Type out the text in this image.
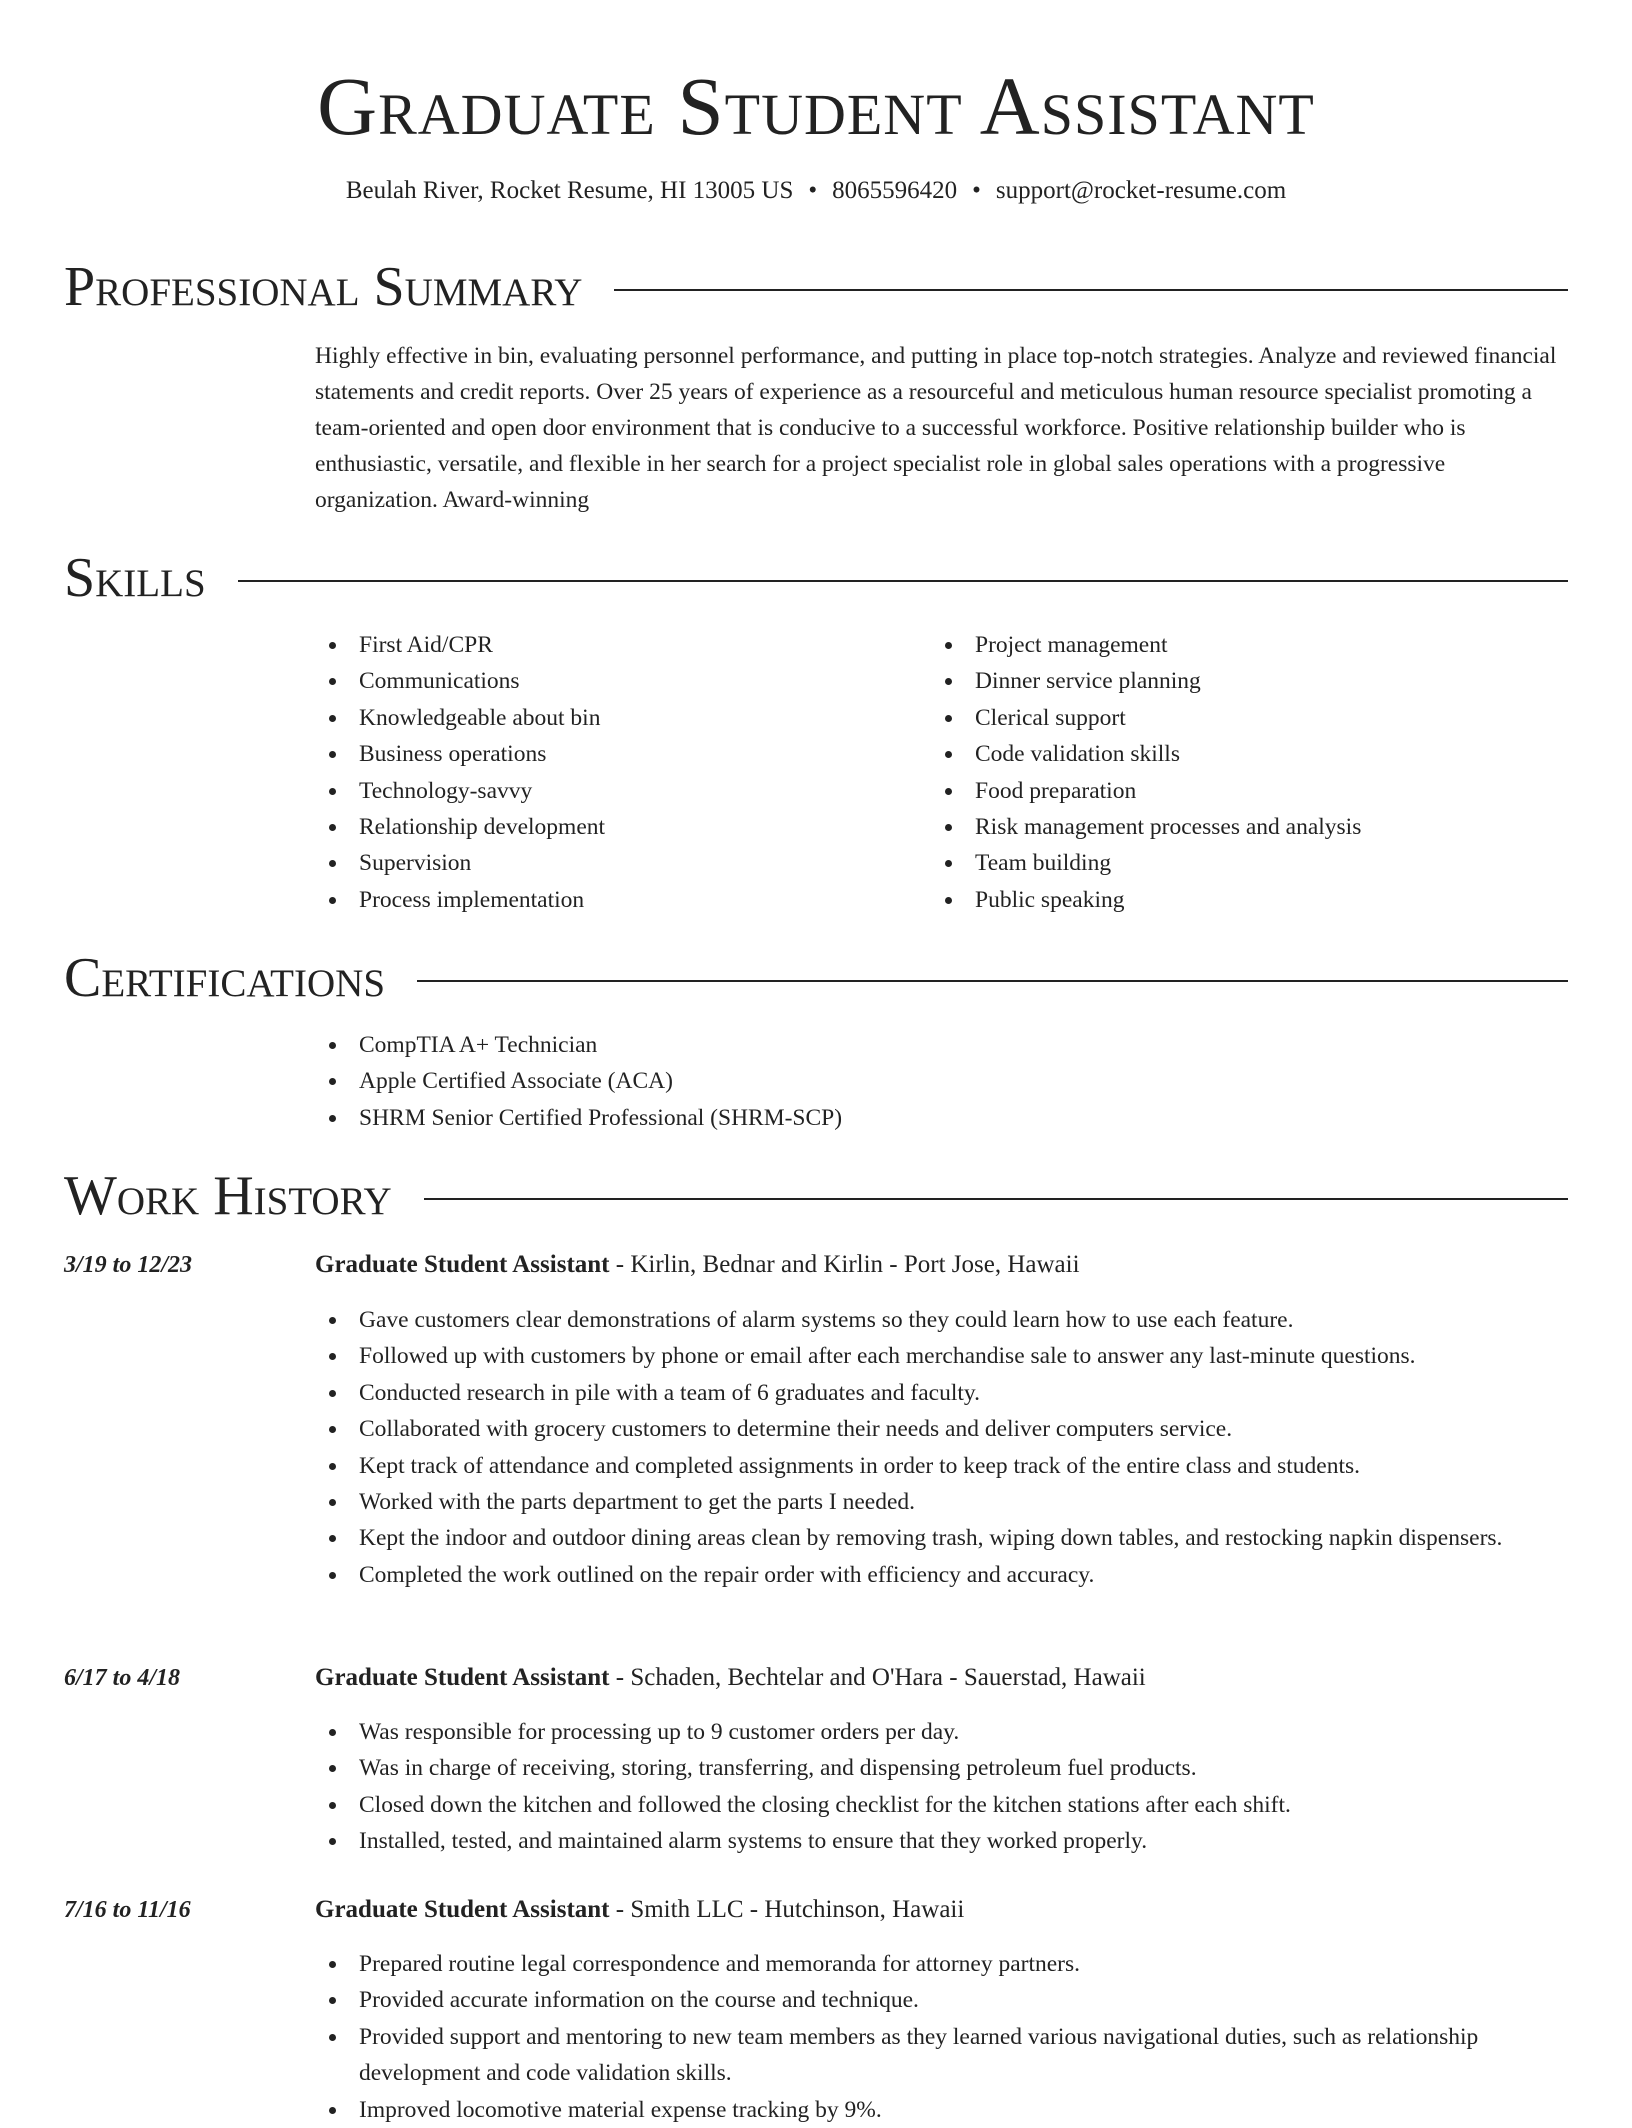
Graduate Student Assistant
Beulah River, Rocket Resume, HI 13005 US • 8065596420 • support@rocket-resume.com
Professional Summary

Highly effective in bin, evaluating personnel performance, and putting in place top-notch strategies. Analyze and reviewed financial statements and credit reports. Over 25 years of experience as a resourceful and meticulous human resource specialist promoting a team-oriented and open door environment that is conducive to a successful workforce. Positive relationship builder who is enthusiastic, versatile, and flexible in her search for a project specialist role in global sales operations with a progressive organization. Award-winning

Skills
First Aid/CPR
Communications
Knowledgeable about bin
Business operations
Technology-savvy
Relationship development
Supervision
Process implementation
Project management
Dinner service planning
Clerical support
Code validation skills
Food preparation
Risk management processes and analysis
Team building
Public speaking
Certifications
CompTIA A+ Technician
Apple Certified Associate (ACA)
SHRM Senior Certified Professional (SHRM-SCP)
Work History
3/19 to 12/23	Graduate Student Assistant - Kirlin, Bednar and Kirlin - Port Jose, Hawaii
Gave customers clear demonstrations of alarm systems so they could learn how to use each feature.
Followed up with customers by phone or email after each merchandise sale to answer any last-minute questions.
Conducted research in pile with a team of 6 graduates and faculty.
Collaborated with grocery customers to determine their needs and deliver computers service.
Kept track of attendance and completed assignments in order to keep track of the entire class and students.
Worked with the parts department to get the parts I needed.
Kept the indoor and outdoor dining areas clean by removing trash, wiping down tables, and restocking napkin dispensers.
Completed the work outlined on the repair order with efficiency and accuracy.
6/17 to 4/18	Graduate Student Assistant - Schaden, Bechtelar and O'Hara - Sauerstad, Hawaii
Was responsible for processing up to 9 customer orders per day.
Was in charge of receiving, storing, transferring, and dispensing petroleum fuel products.
Closed down the kitchen and followed the closing checklist for the kitchen stations after each shift.
Installed, tested, and maintained alarm systems to ensure that they worked properly.
7/16 to 11/16	Graduate Student Assistant - Smith LLC - Hutchinson, Hawaii
Prepared routine legal correspondence and memoranda for attorney partners.
Provided accurate information on the course and technique.
Provided support and mentoring to new team members as they learned various navigational duties, such as relationship development and code validation skills.
Improved locomotive material expense tracking by 9%.
